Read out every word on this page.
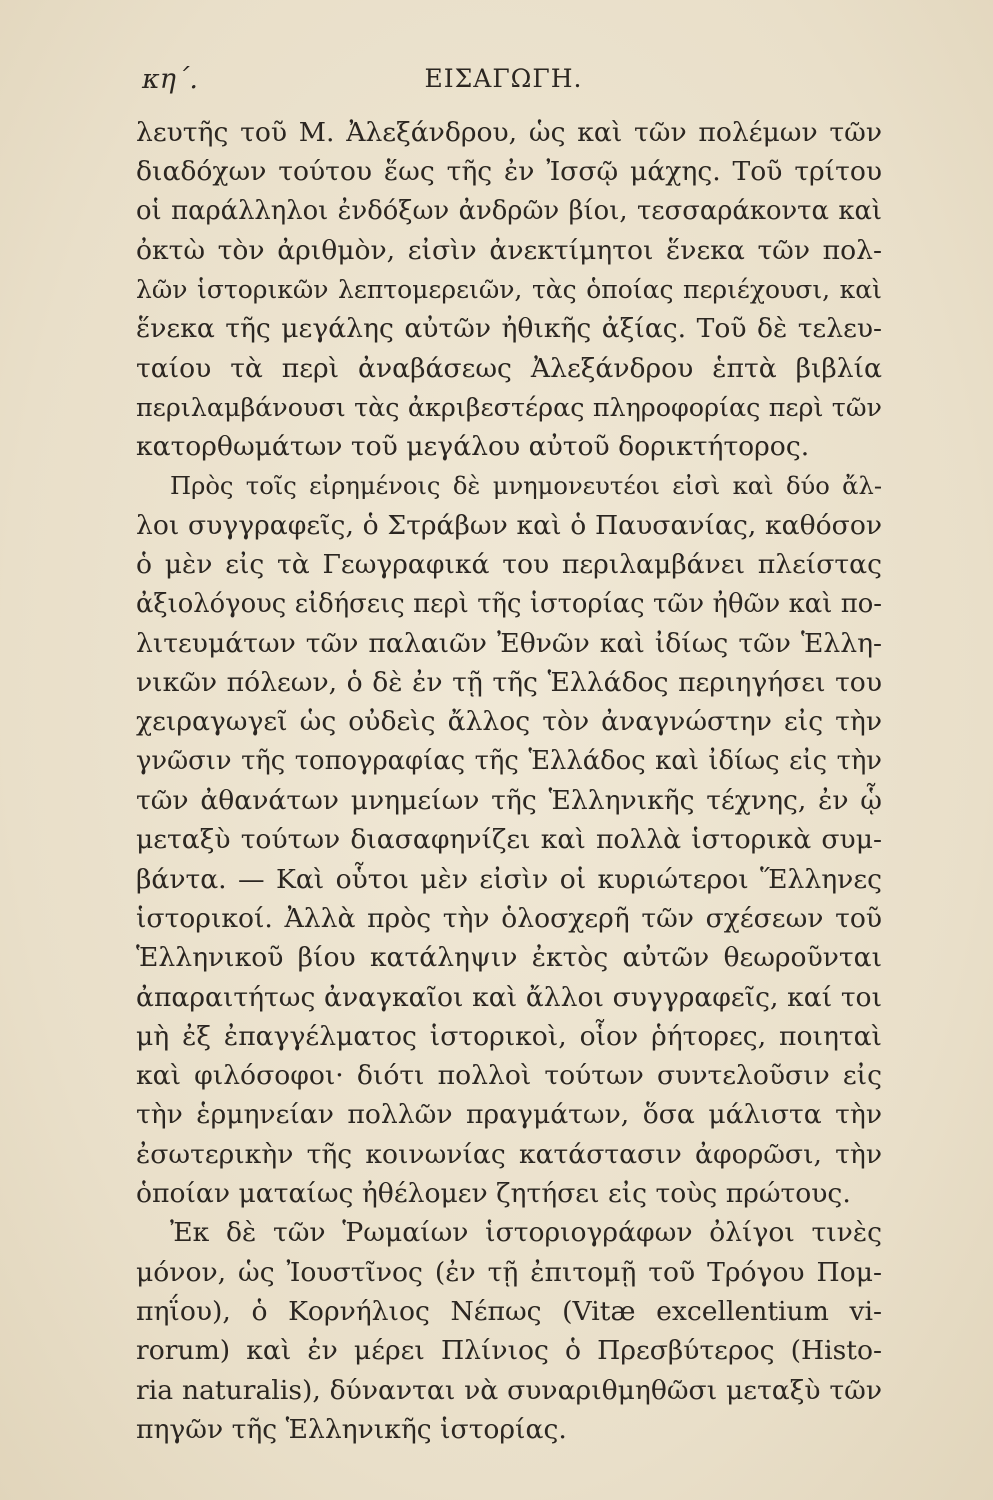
κη΄.	ΕΙΣΑΓΩΓΗ.
λευτῆς τοῦ Μ. Ἀλεξάνδρου, ὡς καὶ τῶν πολέμων τῶν
διαδόχων τούτου ἕως τῆς ἐν Ἰσσῷ μάχης. Τοῦ τρίτου
οἱ παράλληλοι ἐνδόξων ἀνδρῶν βίοι, τεσσαράκοντα καὶ
ὀκτὼ τὸν ἀριθμὸν, εἰσὶν ἀνεκτίμητοι ἕνεκα τῶν πολ-
λῶν ἱστορικῶν λεπτομερειῶν, τὰς ὁποίας περιέχουσι, καὶ
ἕνεκα τῆς μεγάλης αὐτῶν ἠθικῆς ἀξίας. Τοῦ δὲ τελευ-
ταίου τὰ περὶ ἀναβάσεως Ἀλεξάνδρου ἑπτὰ βιβλία
περιλαμβάνουσι τὰς ἀκριβεστέρας πληροφορίας περὶ τῶν
κατορθωμάτων τοῦ μεγάλου αὐτοῦ δορικτήτορος.
Πρὸς τοῖς εἰρημένοις δὲ μνημονευτέοι εἰσὶ καὶ δύο ἄλ-
λοι συγγραφεῖς, ὁ Στράβων καὶ ὁ Παυσανίας, καθόσον
ὁ μὲν εἰς τὰ Γεωγραφικά του περιλαμβάνει πλείστας
ἀξιολόγους εἰδήσεις περὶ τῆς ἱστορίας τῶν ἠθῶν καὶ πο-
λιτευμάτων τῶν παλαιῶν Ἐθνῶν καὶ ἰδίως τῶν Ἑλλη-
νικῶν πόλεων, ὁ δὲ ἐν τῇ τῆς Ἑλλάδος περιηγήσει του
χειραγωγεῖ ὡς οὐδεὶς ἄλλος τὸν ἀναγνώστην εἰς τὴν
γνῶσιν τῆς τοπογραφίας τῆς Ἑλλάδος καὶ ἰδίως εἰς τὴν
τῶν ἀθανάτων μνημείων τῆς Ἑλληνικῆς τέχνης, ἐν ᾧ
μεταξὺ τούτων διασαφηνίζει καὶ πολλὰ ἱστορικὰ συμ-
βάντα. — Καὶ οὗτοι μὲν εἰσὶν οἱ κυριώτεροι Ἕλληνες
ἱστορικοί. Ἀλλὰ πρὸς τὴν ὁλοσχερῆ τῶν σχέσεων τοῦ
Ἑλληνικοῦ βίου κατάληψιν ἐκτὸς αὐτῶν θεωροῦνται
ἀπαραιτήτως ἀναγκαῖοι καὶ ἄλλοι συγγραφεῖς, καί τοι
μὴ ἐξ ἐπαγγέλματος ἱστορικοὶ, οἷον ῥήτορες, ποιηταὶ
καὶ φιλόσοφοι· διότι πολλοὶ τούτων συντελοῦσιν εἰς
τὴν ἑρμηνείαν πολλῶν πραγμάτων, ὅσα μάλιστα τὴν
ἐσωτερικὴν τῆς κοινωνίας κατάστασιν ἀφορῶσι, τὴν
ὁποίαν ματαίως ἠθέλομεν ζητήσει εἰς τοὺς πρώτους.
Ἐκ δὲ τῶν Ῥωμαίων ἱστοριογράφων ὀλίγοι τινὲς
μόνον, ὡς Ἰουστῖνος (ἐν τῇ ἐπιτομῇ τοῦ Τρόγου Πομ-
πηΐου), ὁ Κορνήλιος Νέπως (Vitæ excellentium vi-
rorum) καὶ ἐν μέρει Πλίνιος ὁ Πρεσβύτερος (Histo-
ria naturalis), δύνανται νὰ συναριθμηθῶσι μεταξὺ τῶν
πηγῶν τῆς Ἑλληνικῆς ἱστορίας.
